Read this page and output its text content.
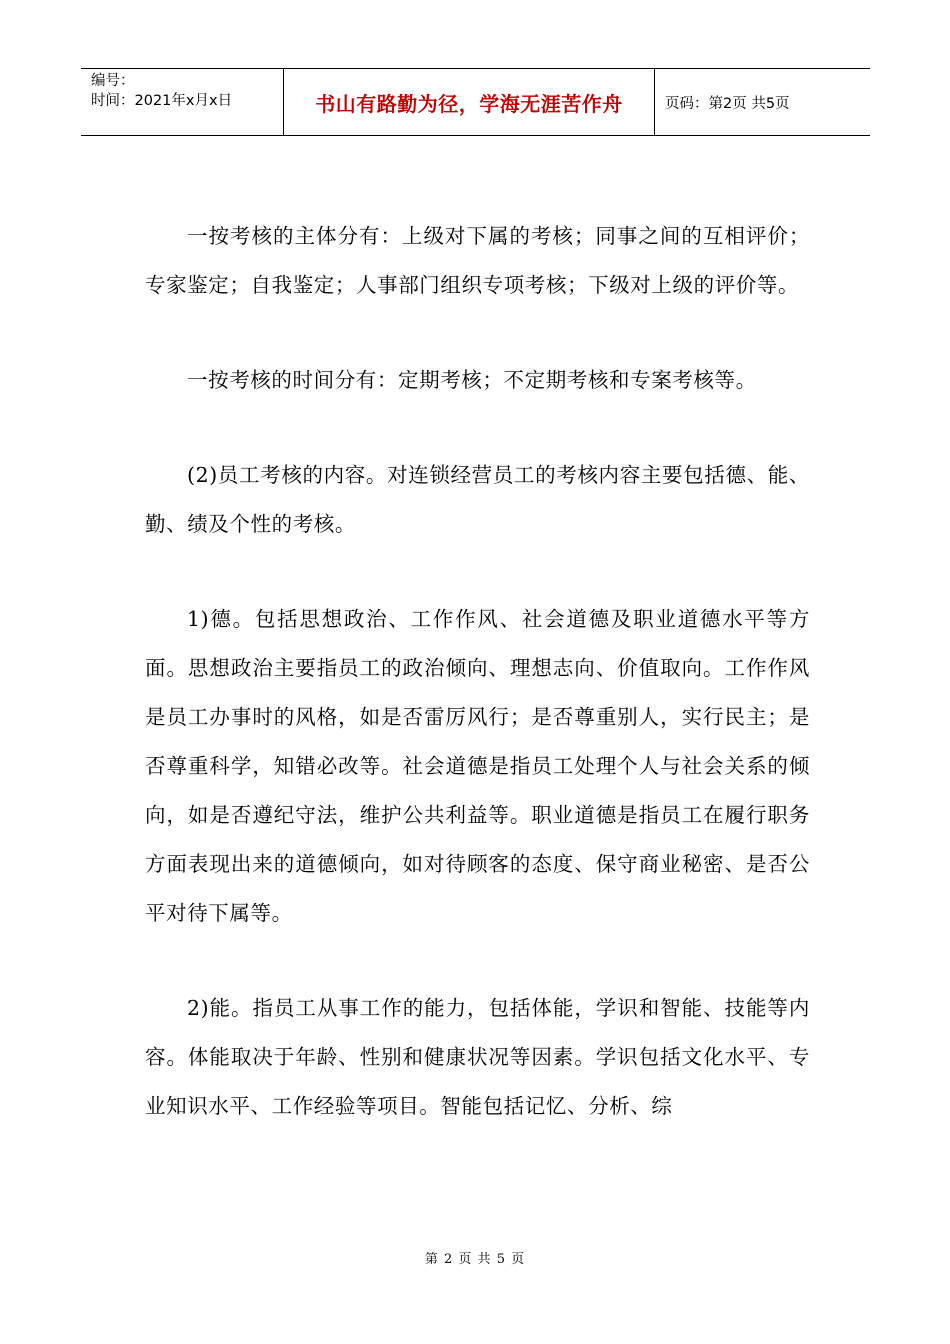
编号：
时间：2021年x月x日	书山有路勤为径，学海无涯苦作舟	页码：第2页 共5页

一按考核的主体分有：上级对下属的考核；同事之间的互相评价；专家鉴定；自我鉴定；人事部门组织专项考核；下级对上级的评价等。

一按考核的时间分有：定期考核；不定期考核和专案考核等。

(2)员工考核的内容。对连锁经营员工的考核内容主要包括德、能、勤、绩及个性的考核。

1)德。包括思想政治、工作作风、社会道德及职业道德水平等方面。思想政治主要指员工的政治倾向、理想志向、价值取向。工作作风是员工办事时的风格，如是否雷厉风行；是否尊重别人，实行民主；是否尊重科学，知错必改等。社会道德是指员工处理个人与社会关系的倾向，如是否遵纪守法，维护公共利益等。职业道德是指员工在履行职务方面表现出来的道德倾向，如对待顾客的态度、保守商业秘密、是否公平对待下属等。

2)能。指员工从事工作的能力，包括体能，学识和智能、技能等内容。体能取决于年龄、性别和健康状况等因素。学识包括文化水平、专业知识水平、工作经验等项目。智能包括记忆、分析、综

第 2 页 共 5 页
